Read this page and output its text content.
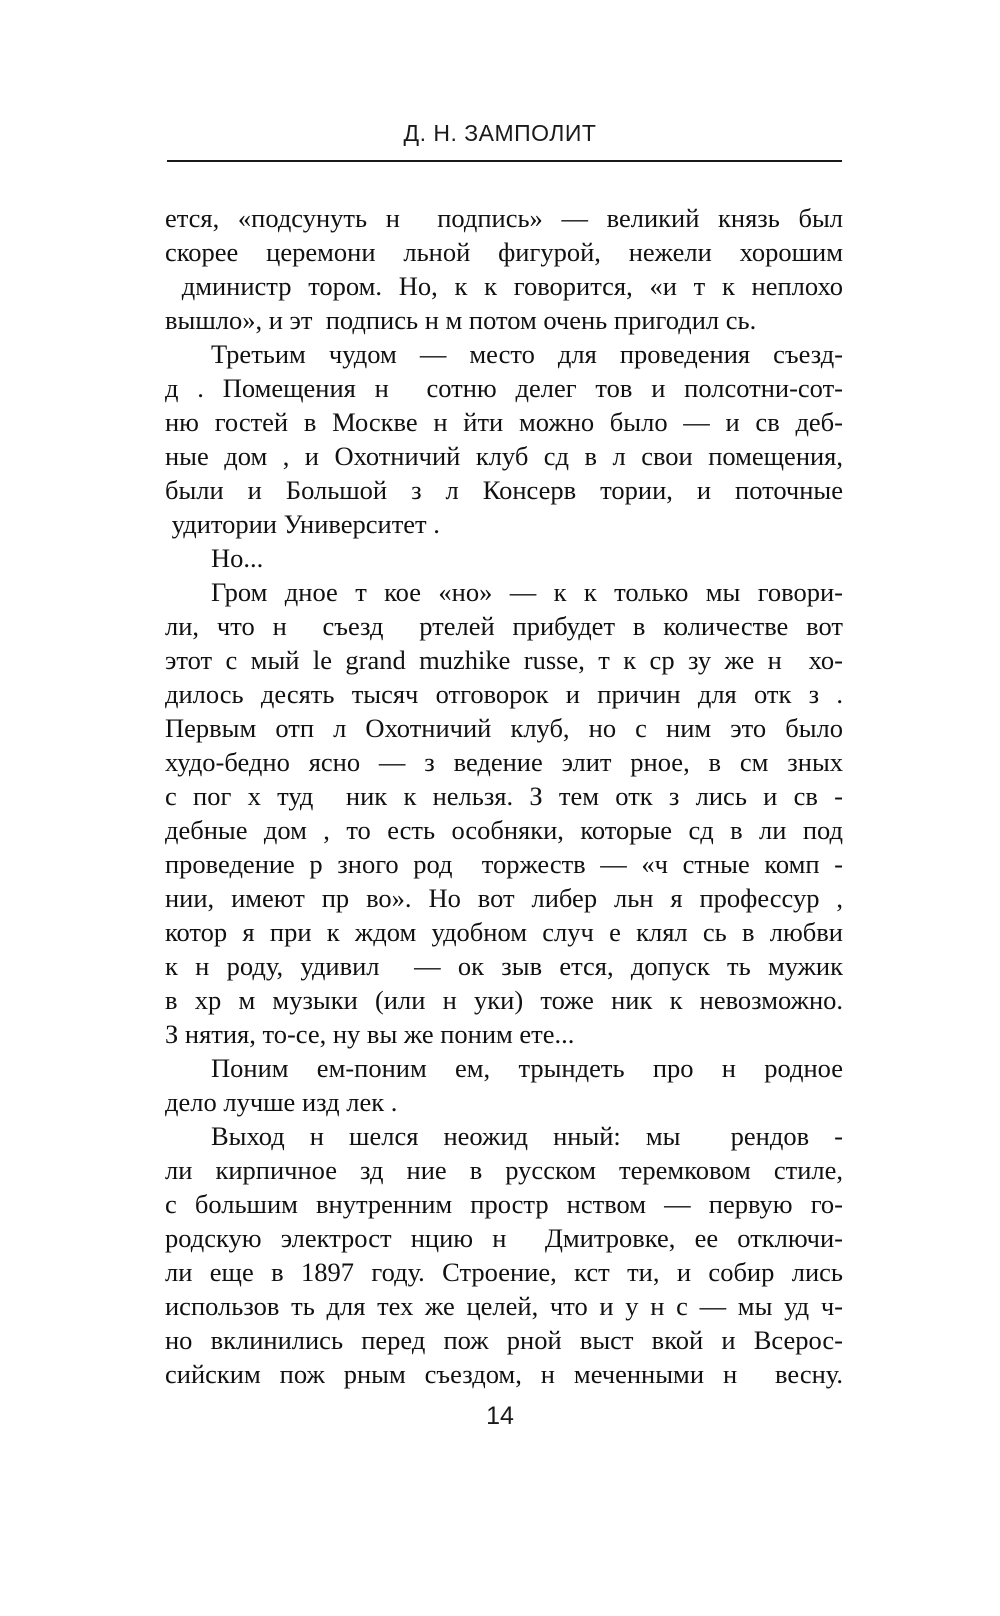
Д. Н. ЗАМПОЛИТ
ется, «подсунуть н  подпись» — великий князь был
скорее церемони льной фигурой, нежели хорошим
дминистр тором. Но, к к говорится, «и т к неплохо
вышло», и эт  подпись н м потом очень пригодил сь.
Третьим чудом — место для проведения съезд-
д . Помещения н  сотню делег тов и полсотни-сот-
ню гостей в Москве н йти можно было — и св деб-
ные дом , и Охотничий клуб сд в л свои помещения,
были и Большой з л Консерв тории, и поточные
удитории Университет .
Но...
Гром дное т кое «но» — к к только мы говори-
ли, что н  съезд  ртелей прибудет в количестве вот
этот с мый le grand muzhike russe, т к ср зу же н  хо-
дилось десять тысяч отговорок и причин для отк з .
Первым отп л Охотничий клуб, но с ним это было
худо-бедно ясно — з ведение элит рное, в см зных
с пог х туд  ник к нельзя. З тем отк з лись и св -
дебные дом , то есть особняки, которые сд в ли под
проведение р зного род  торжеств — «ч стные комп -
нии, имеют пр во». Но вот либер льн я профессур ,
котор я при к ждом удобном случ е клял сь в любви
к н роду, удивил  — ок зыв ется, допуск ть мужик
в хр м музыки (или н уки) тоже ник к невозможно.
З нятия, то-се, ну вы же поним ете...
Поним ем-поним ем, трындеть про н родное
дело лучше изд лек .
Выход н шелся неожид нный: мы  рендов -
ли кирпичное зд ние в русском теремковом стиле,
с большим внутренним простр нством — первую го-
родскую электрост нцию н  Дмитровке, ее отключи-
ли еще в 1897 году. Строение, кст ти, и собир лись
использов ть для тех же целей, что и у н с — мы уд ч-
но вклинились перед пож рной выст вкой и Всерос-
сийским пож рным съездом, н меченными н  весну.
14
